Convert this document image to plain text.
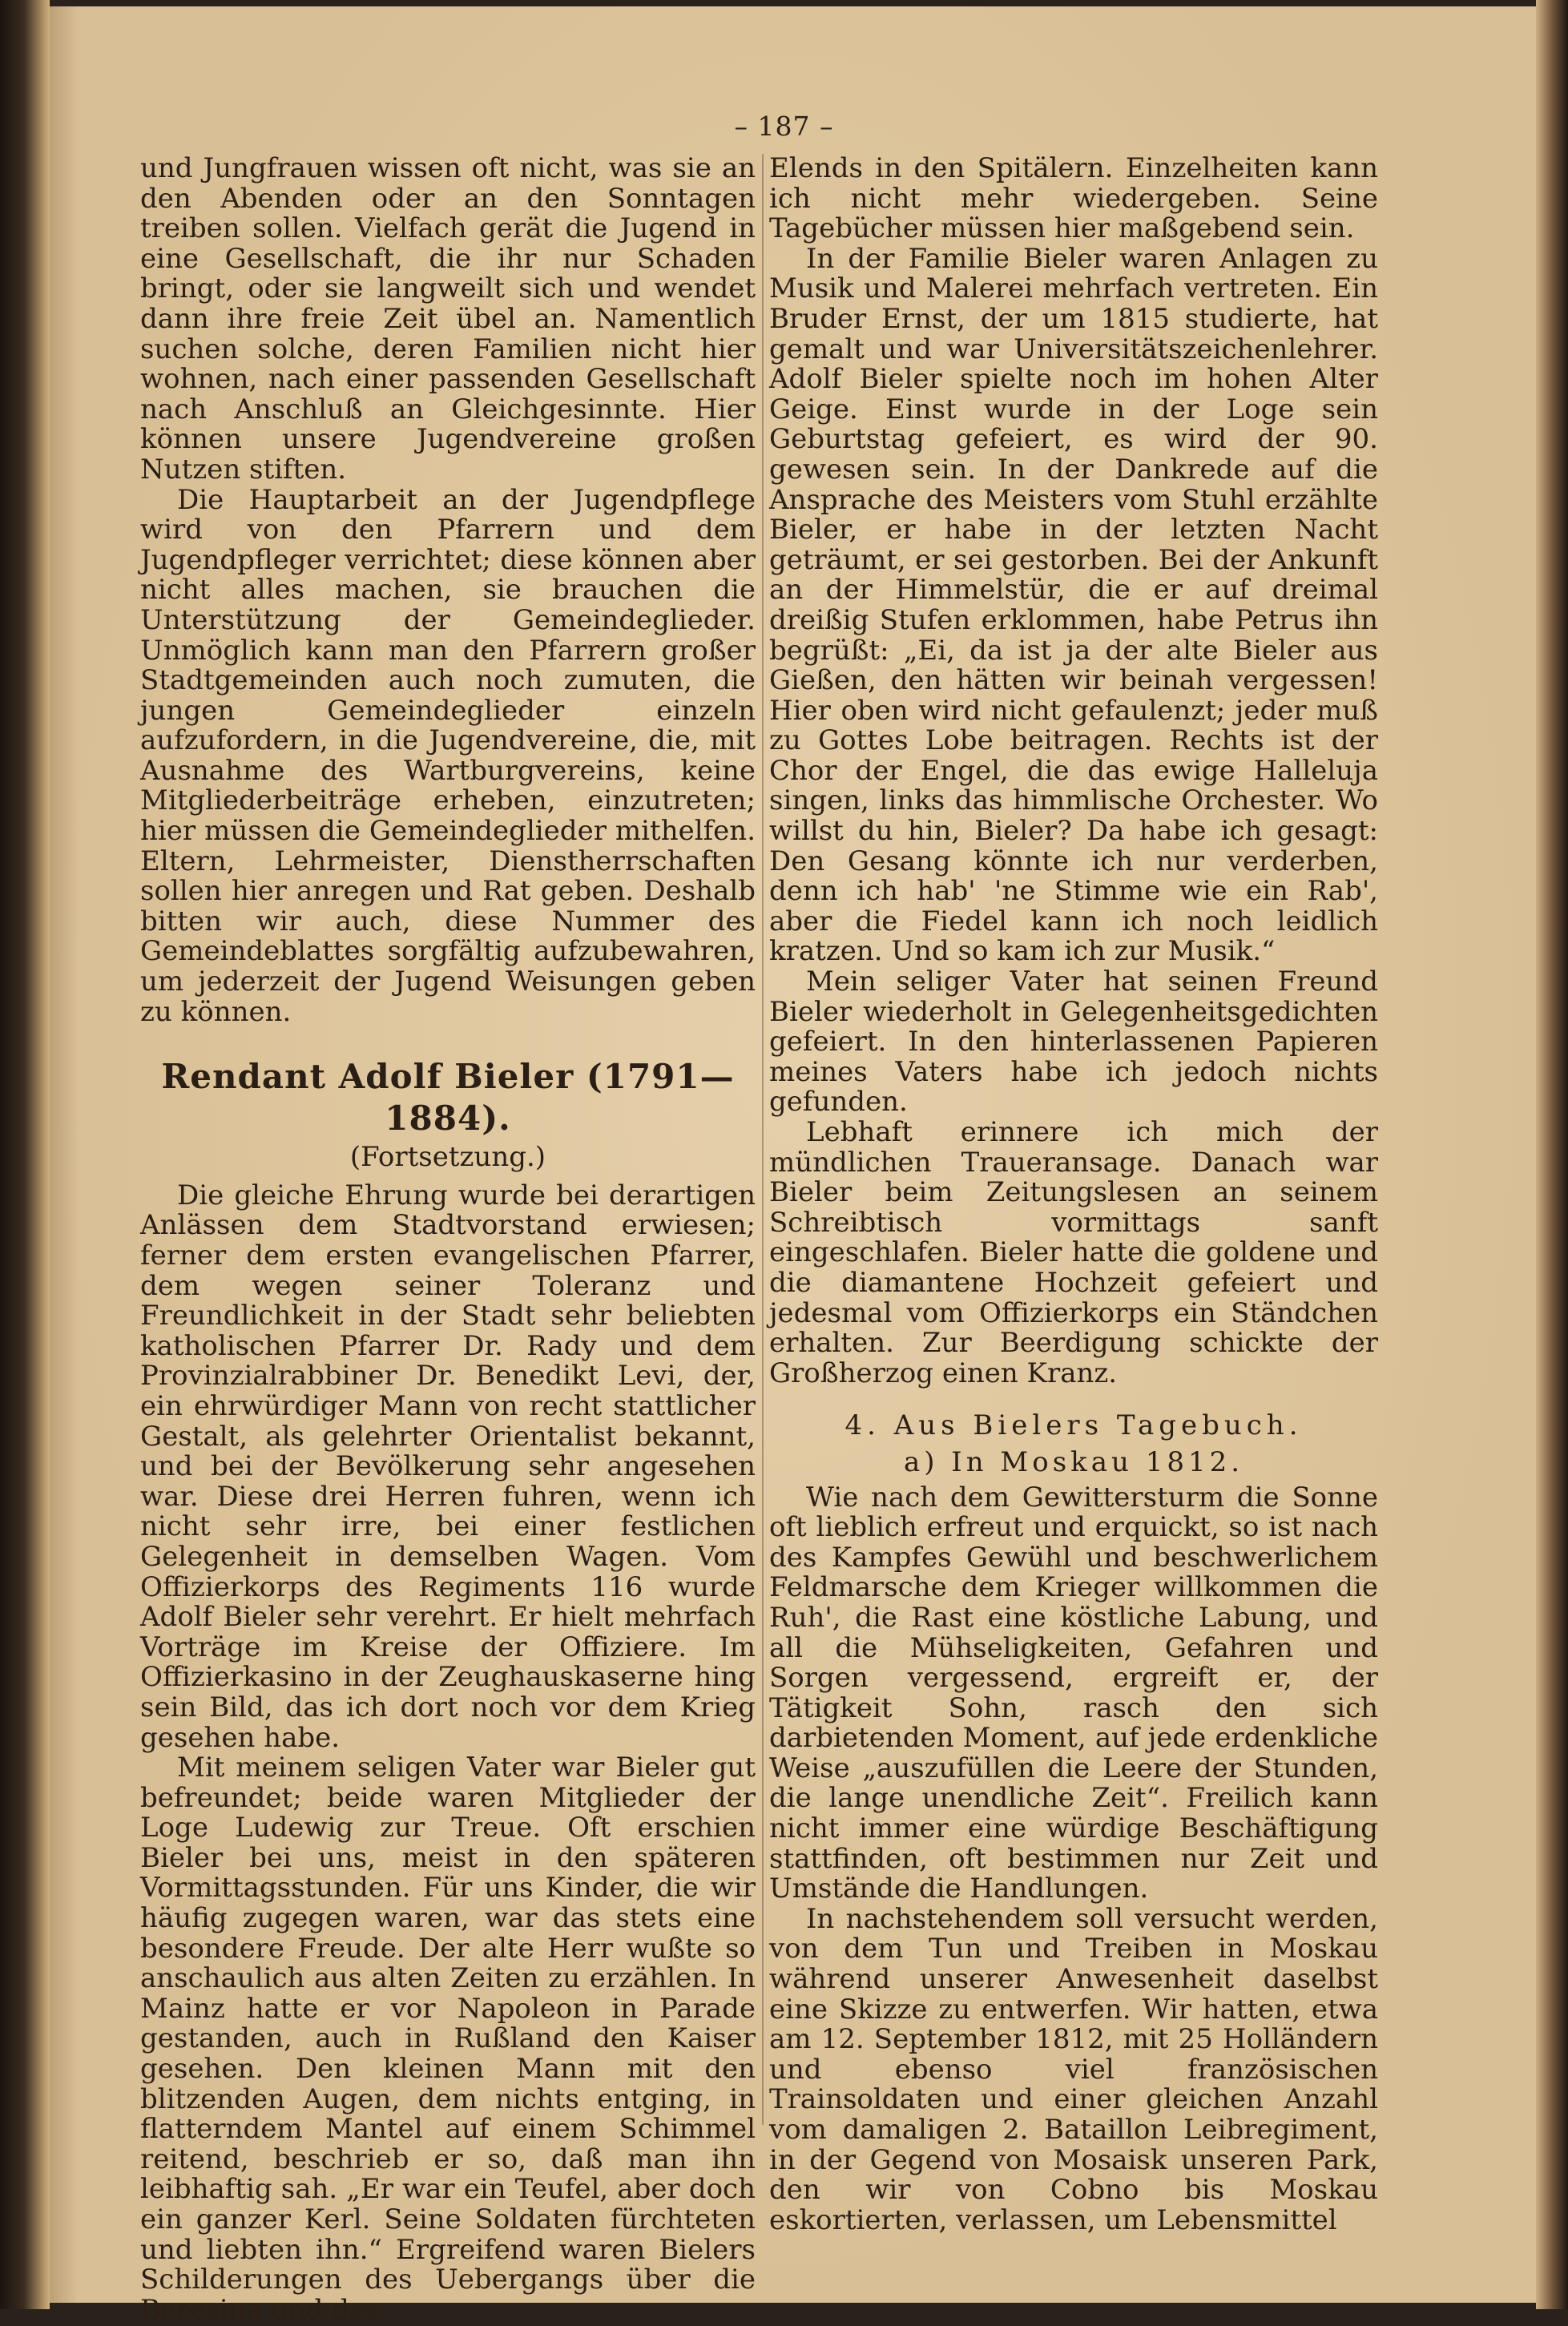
– 187 –

und Jungfrauen wissen oft nicht, was sie an den Abenden oder an den Sonntagen treiben sollen. Vielfach gerät die Jugend in eine Gesellschaft, die ihr nur Schaden bringt, oder sie langweilt sich und wendet dann ihre freie Zeit übel an. Namentlich suchen solche, deren Familien nicht hier wohnen, nach einer passenden Gesellschaft nach Anschluß an Gleichgesinnte. Hier können unsere Jugendvereine großen Nutzen stiften.

Die Hauptarbeit an der Jugendpflege wird von den Pfarrern und dem Jugendpfleger verrichtet; diese können aber nicht alles machen, sie brauchen die Unterstützung der Gemeindeglieder. Unmöglich kann man den Pfarrern großer Stadtgemeinden auch noch zumuten, die jungen Gemeindeglieder einzeln aufzufordern, in die Jugendvereine, die, mit Ausnahme des Wartburgvereins, keine Mitgliederbeiträge erheben, einzutreten; hier müssen die Gemeindeglieder mithelfen. Eltern, Lehrmeister, Dienstherrschaften sollen hier anregen und Rat geben. Deshalb bitten wir auch, diese Nummer des Gemeindeblattes sorgfältig aufzubewahren, um jederzeit der Jugend Weisungen geben zu können.

Rendant Adolf Bieler (1791—1884).
(Fortsetzung.)

Die gleiche Ehrung wurde bei derartigen Anlässen dem Stadtvorstand erwiesen; ferner dem ersten evangelischen Pfarrer, dem wegen seiner Toleranz und Freundlichkeit in der Stadt sehr beliebten katholischen Pfarrer Dr. Rady und dem Provinzialrabbiner Dr. Benedikt Levi, der, ein ehrwürdiger Mann von recht stattlicher Gestalt, als gelehrter Orientalist bekannt, und bei der Bevölkerung sehr angesehen war. Diese drei Herren fuhren, wenn ich nicht sehr irre, bei einer festlichen Gelegenheit in demselben Wagen. Vom Offizierkorps des Regiments 116 wurde Adolf Bieler sehr verehrt. Er hielt mehrfach Vorträge im Kreise der Offiziere. Im Offizierkasino in der Zeughauskaserne hing sein Bild, das ich dort noch vor dem Krieg gesehen habe.

Mit meinem seligen Vater war Bieler gut befreundet; beide waren Mitglieder der Loge Ludewig zur Treue. Oft erschien Bieler bei uns, meist in den späteren Vormittagsstunden. Für uns Kinder, die wir häufig zugegen waren, war das stets eine besondere Freude. Der alte Herr wußte so anschaulich aus alten Zeiten zu erzählen. In Mainz hatte er vor Napoleon in Parade gestanden, auch in Rußland den Kaiser gesehen. Den kleinen Mann mit den blitzenden Augen, dem nichts entging, in flatterndem Mantel auf einem Schimmel reitend, beschrieb er so, daß man ihn leibhaftig sah. „Er war ein Teufel, aber doch ein ganzer Kerl. Seine Soldaten fürchteten und liebten ihn.“ Ergreifend waren Bielers Schilderungen des Uebergangs über die Beresina und des

Elends in den Spitälern. Einzelheiten kann ich nicht mehr wiedergeben. Seine Tagebücher müssen hier maßgebend sein.

In der Familie Bieler waren Anlagen zu Musik und Malerei mehrfach vertreten. Ein Bruder Ernst, der um 1815 studierte, hat gemalt und war Universitätszeichenlehrer. Adolf Bieler spielte noch im hohen Alter Geige. Einst wurde in der Loge sein Geburtstag gefeiert, es wird der 90. gewesen sein. In der Dankrede auf die Ansprache des Meisters vom Stuhl erzählte Bieler, er habe in der letzten Nacht geträumt, er sei gestorben. Bei der Ankunft an der Himmelstür, die er auf dreimal dreißig Stufen erklommen, habe Petrus ihn begrüßt: „Ei, da ist ja der alte Bieler aus Gießen, den hätten wir beinah vergessen! Hier oben wird nicht gefaulenzt; jeder muß zu Gottes Lobe beitragen. Rechts ist der Chor der Engel, die das ewige Halleluja singen, links das himmlische Orchester. Wo willst du hin, Bieler? Da habe ich gesagt: Den Gesang könnte ich nur verderben, denn ich hab' 'ne Stimme wie ein Rab', aber die Fiedel kann ich noch leidlich kratzen. Und so kam ich zur Musik.“

Mein seliger Vater hat seinen Freund Bieler wiederholt in Gelegenheitsgedichten gefeiert. In den hinterlassenen Papieren meines Vaters habe ich jedoch nichts gefunden.

Lebhaft erinnere ich mich der mündlichen Traueransage. Danach war Bieler beim Zeitungslesen an seinem Schreibtisch vormittags sanft eingeschlafen. Bieler hatte die goldene und die diamantene Hochzeit gefeiert und jedesmal vom Offizierkorps ein Ständchen erhalten. Zur Beerdigung schickte der Großherzog einen Kranz.

4. Aus Bielers Tagebuch.
a) In Moskau 1812.

Wie nach dem Gewittersturm die Sonne oft lieblich erfreut und erquickt, so ist nach des Kampfes Gewühl und beschwerlichem Feldmarsche dem Krieger willkommen die Ruh', die Rast eine köstliche Labung, und all die Mühseligkeiten, Gefahren und Sorgen vergessend, ergreift er, der Tätigkeit Sohn, rasch den sich darbietenden Moment, auf jede erdenkliche Weise „auszufüllen die Leere der Stunden, die lange unendliche Zeit“. Freilich kann nicht immer eine würdige Beschäftigung stattfinden, oft bestimmen nur Zeit und Umstände die Handlungen.

In nachstehendem soll versucht werden, von dem Tun und Treiben in Moskau während unserer Anwesenheit daselbst eine Skizze zu entwerfen. Wir hatten, etwa am 12. September 1812, mit 25 Holländern und ebenso viel französischen Trainsoldaten und einer gleichen Anzahl vom damaligen 2. Bataillon Leibregiment, in der Gegend von Mosaisk unseren Park, den wir von Cobno bis Moskau eskortierten, verlassen, um Lebensmittel
